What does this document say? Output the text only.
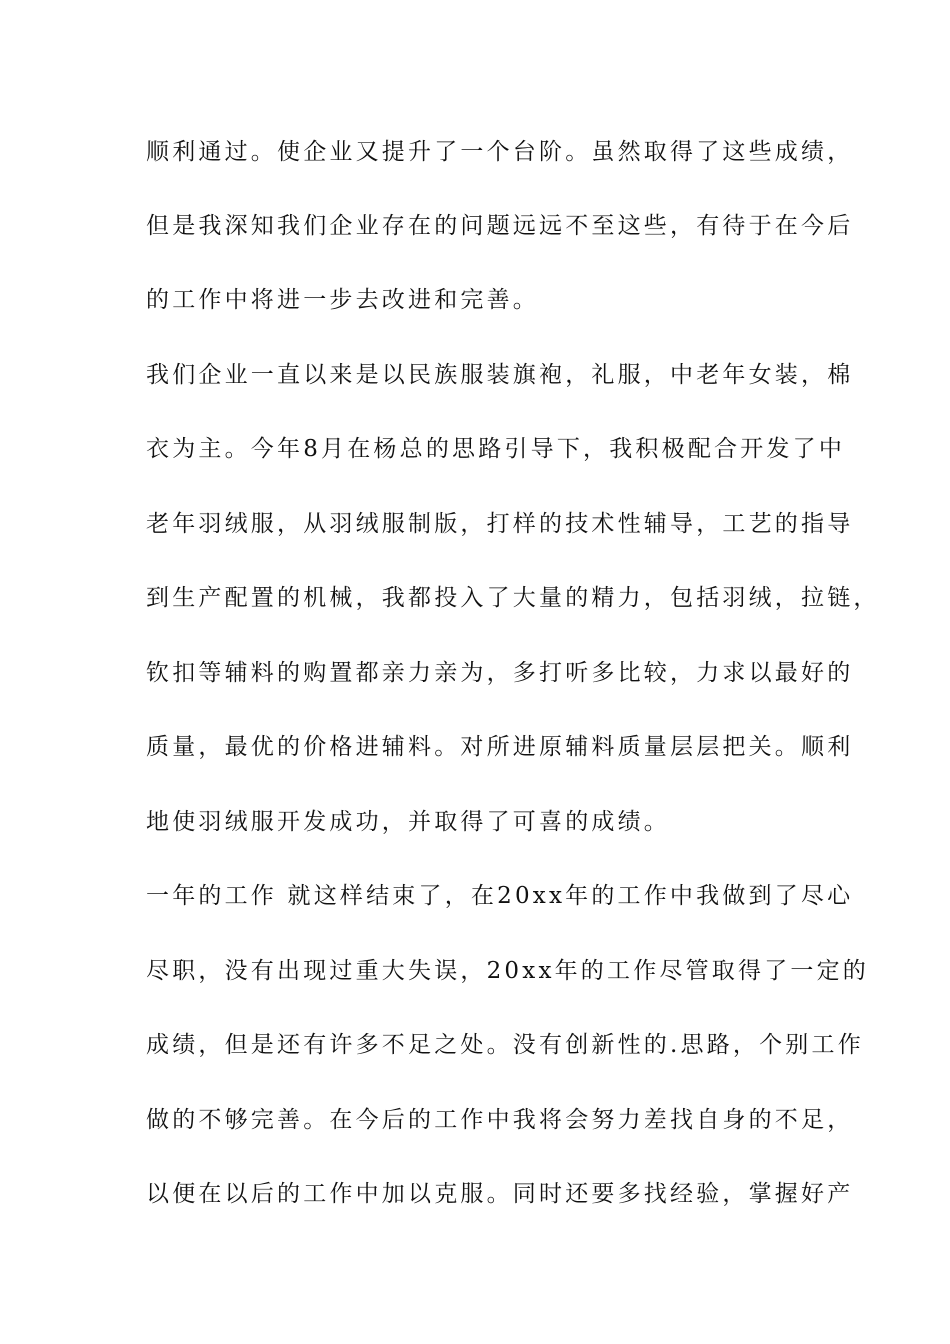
顺利通过。使企业又提升了一个台阶。虽然取得了这些成绩，
但是我深知我们企业存在的问题远远不至这些，有待于在今后
的工作中将进一步去改进和完善。
我们企业一直以来是以民族服装旗袍，礼服，中老年女装，棉
衣为主。今年8月在杨总的思路引导下，我积极配合开发了中
老年羽绒服，从羽绒服制版，打样的技术性辅导，工艺的指导
到生产配置的机械，我都投入了大量的精力，包括羽绒，拉链，
钦扣等辅料的购置都亲力亲为，多打听多比较，力求以最好的
质量，最优的价格进辅料。对所进原辅料质量层层把关。顺利
地使羽绒服开发成功，并取得了可喜的成绩。
一年的工作 就这样结束了，在20xx年的工作中我做到了尽心
尽职，没有出现过重大失误，20xx年的工作尽管取得了一定的
成绩，但是还有许多不足之处。没有创新性的.思路，个别工作
做的不够完善。在今后的工作中我将会努力差找自身的不足，
以便在以后的工作中加以克服。同时还要多找经验，掌握好产
